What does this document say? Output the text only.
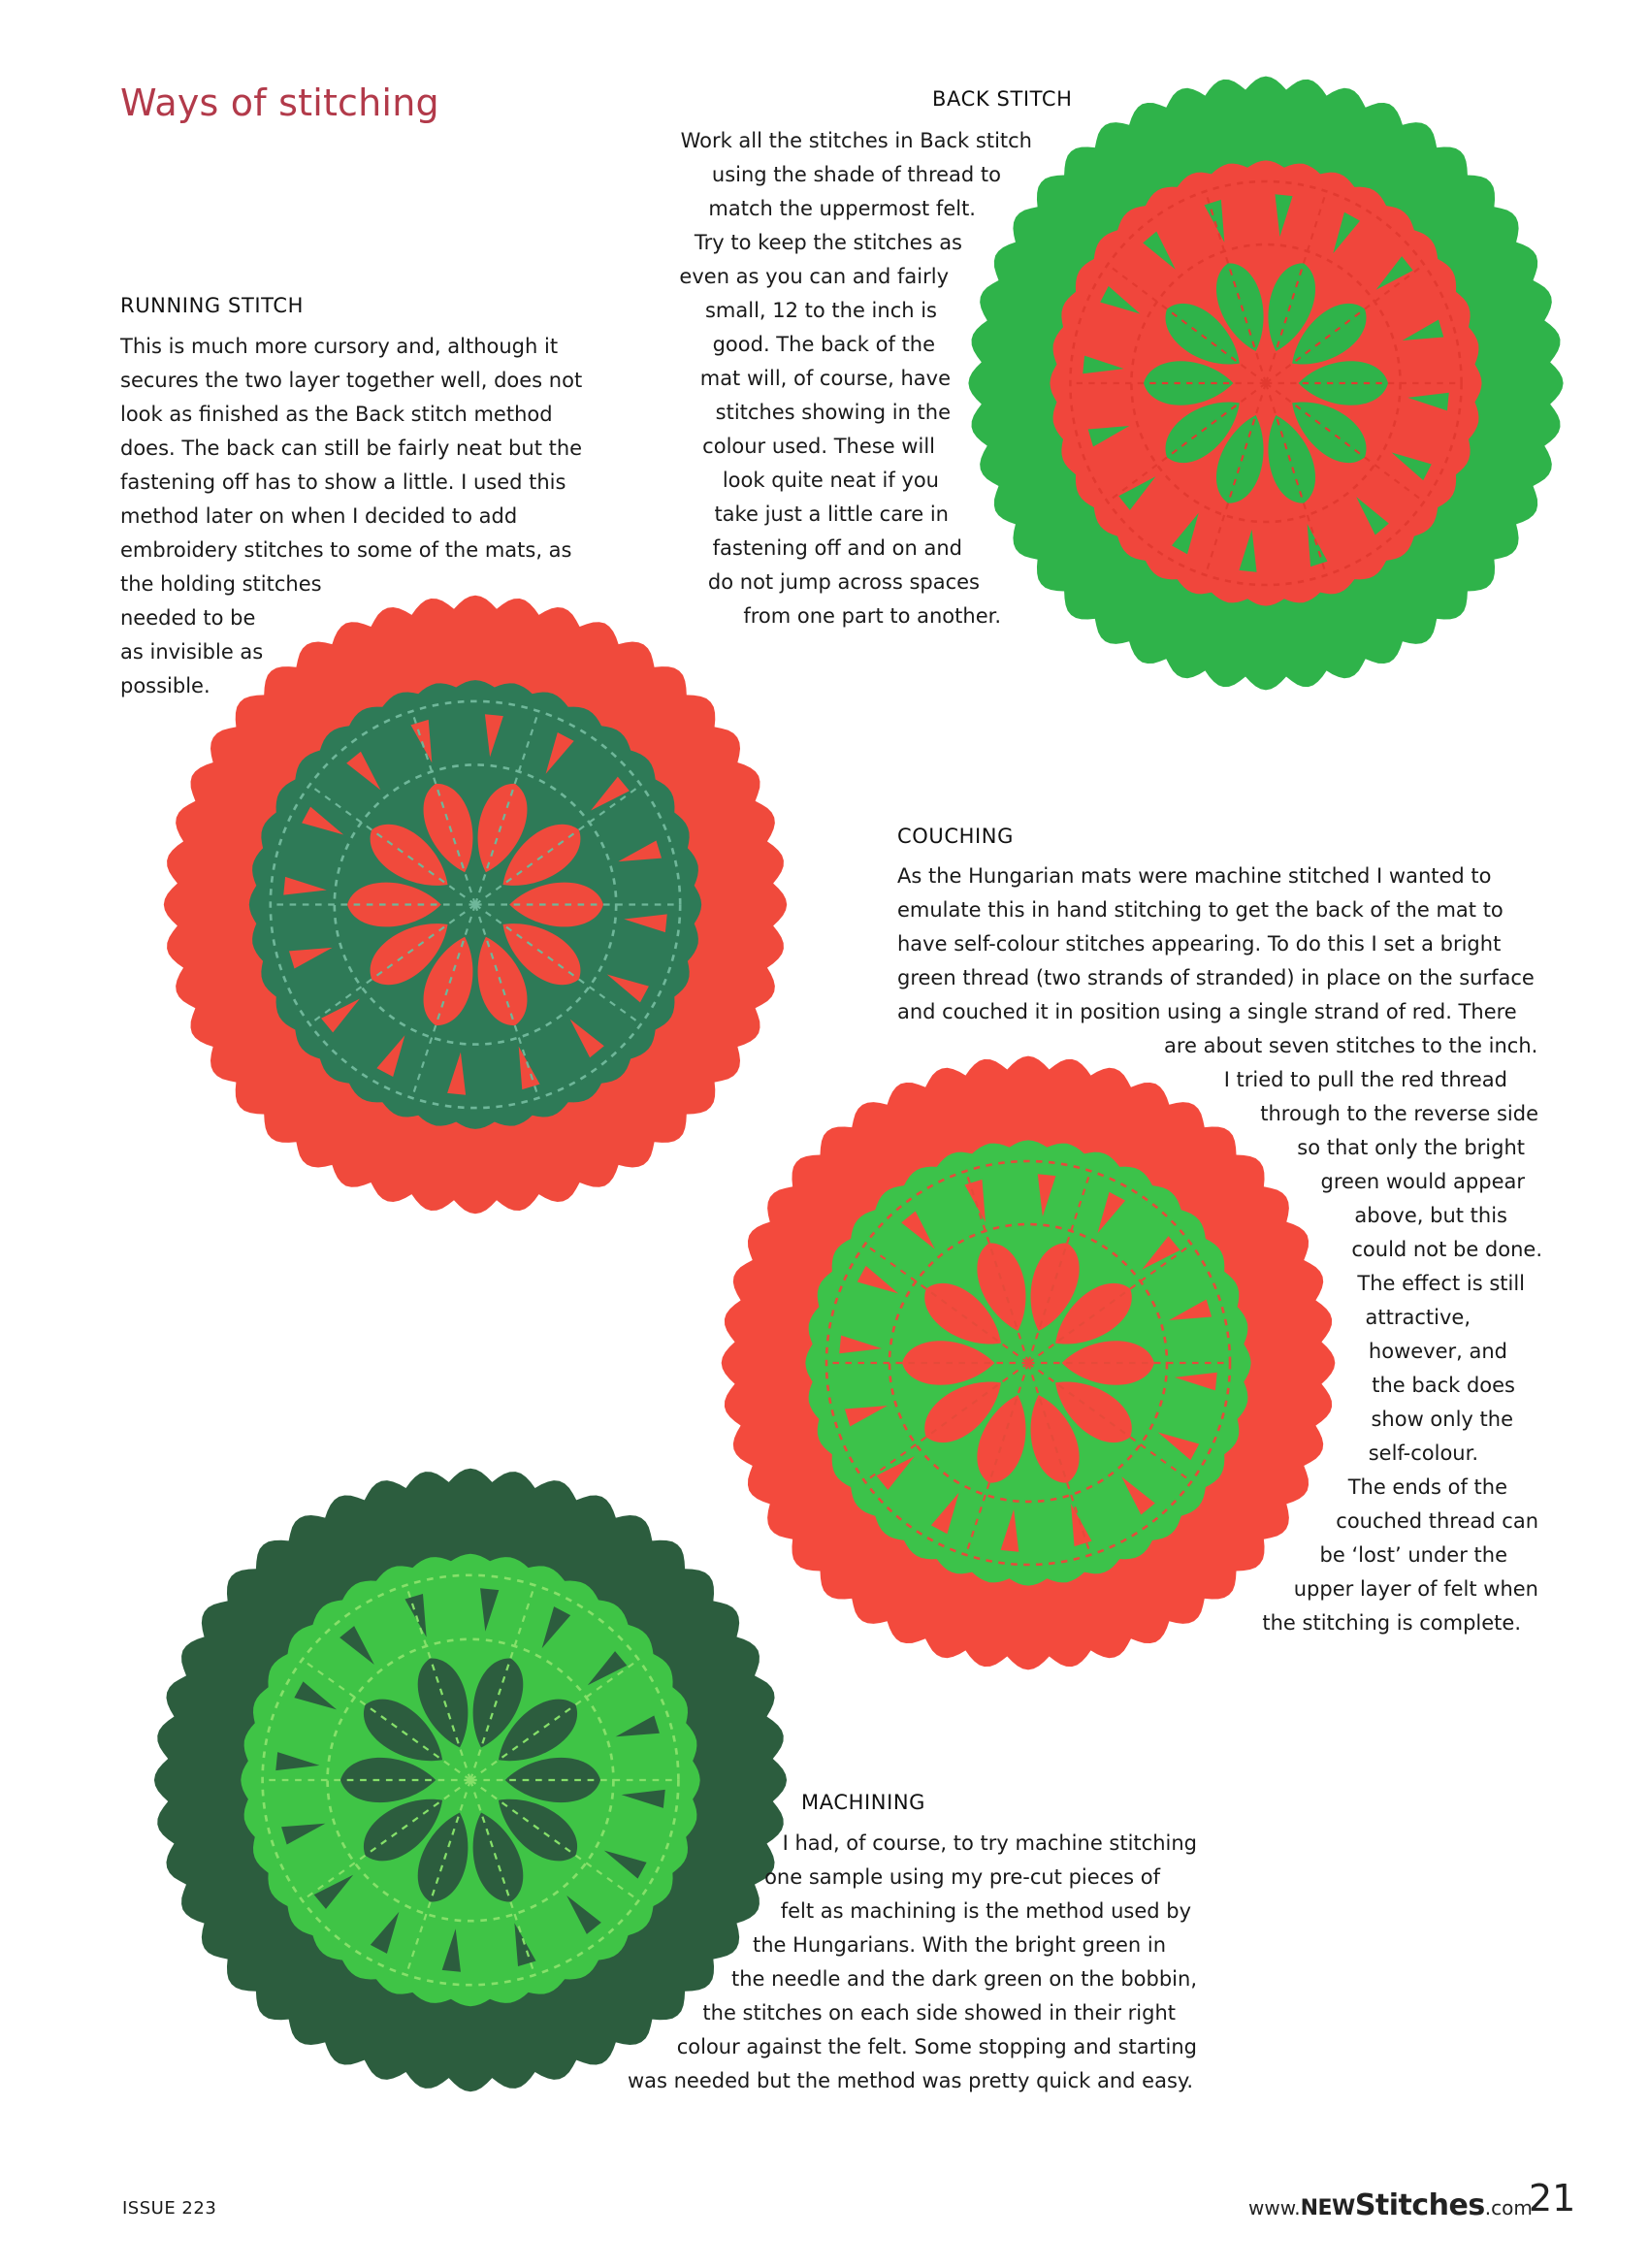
Ways of stitching	BACK STITCH
Work all the stitches in Back stitch
using the shade of thread to
match the uppermost felt.
Try to keep the stitches as
even as you can and fairly
small, 12 to the inch is
good. The back of the
mat will, of course, have
stitches showing in the
colour used. These will
look quite neat if you
take just a little care in
fastening off and on and
do not jump across spaces
from one part to another.
RUNNING STITCH
This is much more cursory and, although it
secures the two layer together well, does not
look as finished as the Back stitch method
does. The back can still be fairly neat but the
fastening off has to show a little. I used this
method later on when I decided to add
embroidery stitches to some of the mats, as
the holding stitches
needed to be
as invisible as
possible.
COUCHING
As the Hungarian mats were machine stitched I wanted to
emulate this in hand stitching to get the back of the mat to
have self-colour stitches appearing. To do this I set a bright
green thread (two strands of stranded) in place on the surface
and couched it in position using a single strand of red. There
are about seven stitches to the inch.
I tried to pull the red thread
through to the reverse side
so that only the bright
green would appear
above, but this
could not be done.
The effect is still
attractive,
however, and
the back does
show only the
self-colour.
The ends of the
couched thread can
be ‘lost’ under the
upper layer of felt when
the stitching is complete.
MACHINING
I had, of course, to try machine stitching
one sample using my pre-cut pieces of
felt as machining is the method used by
the Hungarians. With the bright green in
the needle and the dark green on the bobbin,
the stitches on each side showed in their right
colour against the felt. Some stopping and starting
was needed but the method was pretty quick and easy.
ISSUE 223	www.NEWStitches.com
21
